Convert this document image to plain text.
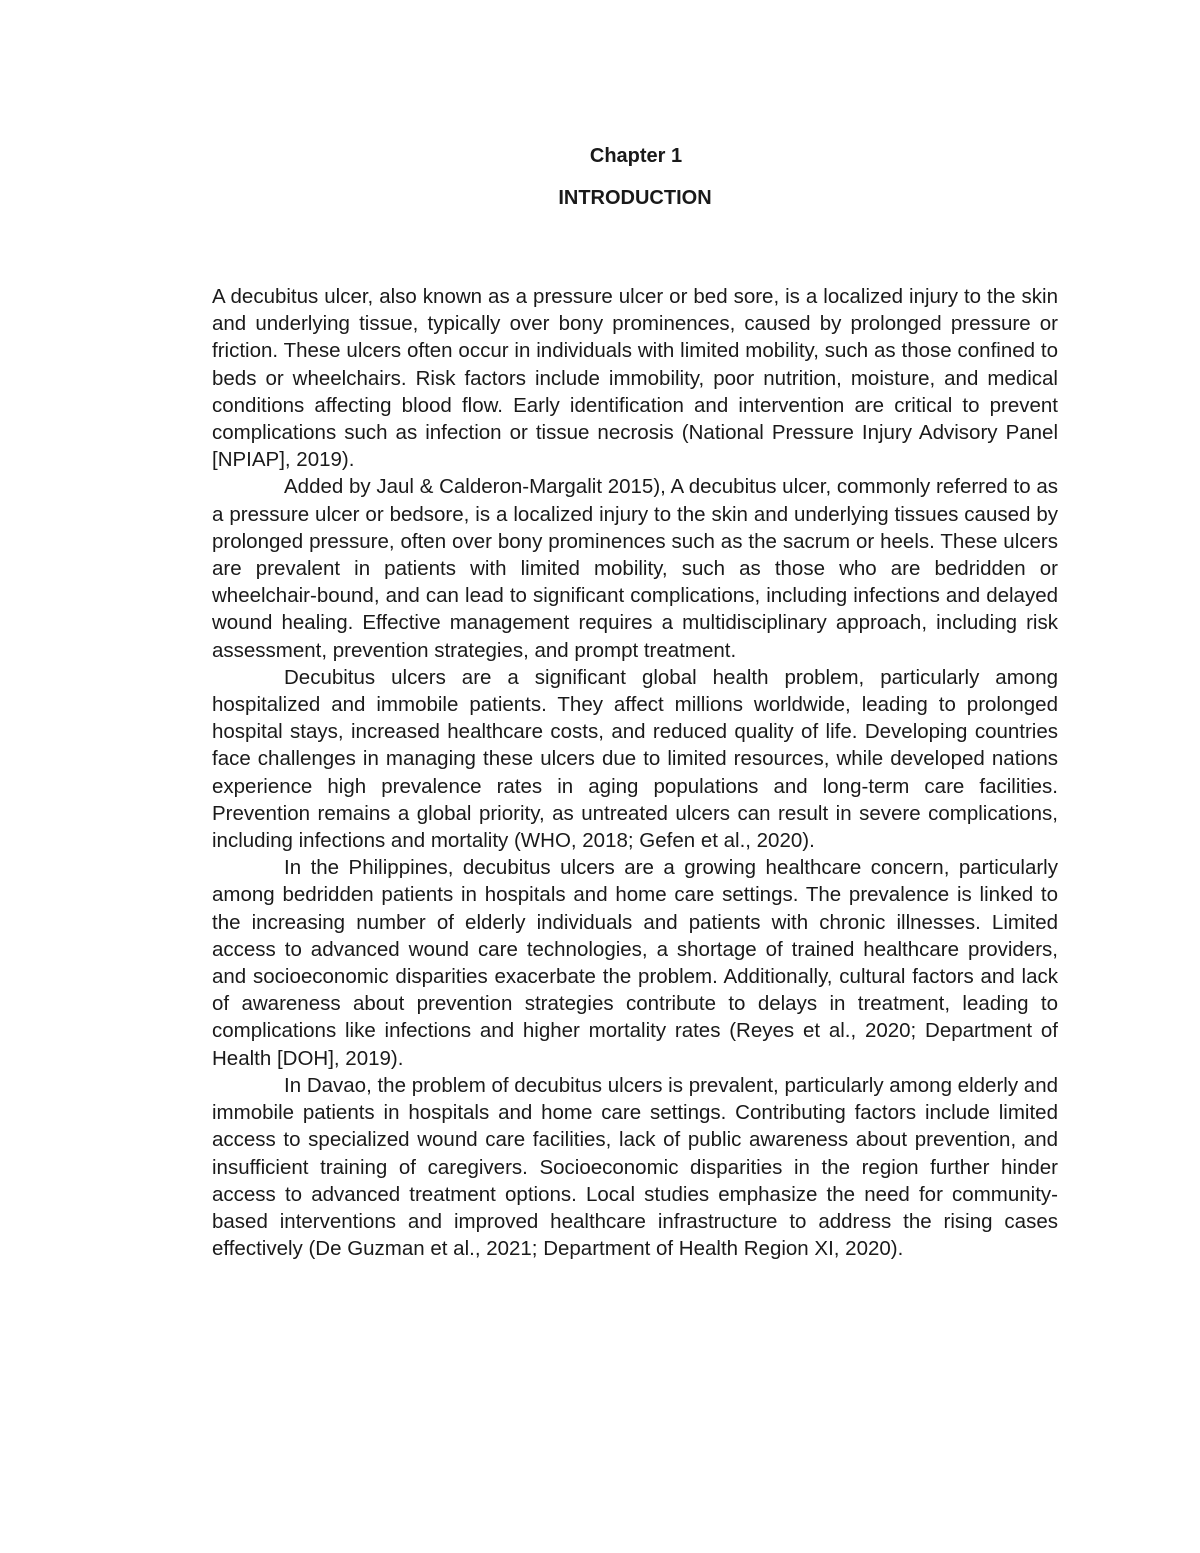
Chapter 1
INTRODUCTION

A decubitus ulcer, also known as a pressure ulcer or bed sore, is a localized injury to the skin and underlying tissue, typically over bony prominences, caused by prolonged pressure or friction. These ulcers often occur in individuals with limited mobility, such as those confined to beds or wheelchairs. Risk factors include immobility, poor nutrition, moisture, and medical conditions affecting blood flow. Early identification and intervention are critical to prevent complications such as infection or tissue necrosis (National Pressure Injury Advisory Panel [NPIAP], 2019).

Added by Jaul & Calderon-Margalit 2015), A decubitus ulcer, commonly referred to as a pressure ulcer or bedsore, is a localized injury to the skin and underlying tissues caused by prolonged pressure, often over bony prominences such as the sacrum or heels. These ulcers are prevalent in patients with limited mobility, such as those who are bedridden or wheelchair-bound, and can lead to significant complications, including infections and delayed wound healing. Effective management requires a multidisciplinary approach, including risk assessment, prevention strategies, and prompt treatment.

Decubitus ulcers are a significant global health problem, particularly among hospitalized and immobile patients. They affect millions worldwide, leading to prolonged hospital stays, increased healthcare costs, and reduced quality of life. Developing countries face challenges in managing these ulcers due to limited resources, while developed nations experience high prevalence rates in aging populations and long-term care facilities. Prevention remains a global priority, as untreated ulcers can result in severe complications, including infections and mortality (WHO, 2018; Gefen et al., 2020).

In the Philippines, decubitus ulcers are a growing healthcare concern, particularly among bedridden patients in hospitals and home care settings. The prevalence is linked to the increasing number of elderly individuals and patients with chronic illnesses. Limited access to advanced wound care technologies, a shortage of trained healthcare providers, and socioeconomic disparities exacerbate the problem. Additionally, cultural factors and lack of awareness about prevention strategies contribute to delays in treatment, leading to complications like infections and higher mortality rates (Reyes et al., 2020; Department of Health [DOH], 2019).

In Davao, the problem of decubitus ulcers is prevalent, particularly among elderly and immobile patients in hospitals and home care settings. Contributing factors include limited access to specialized wound care facilities, lack of public awareness about prevention, and insufficient training of caregivers. Socioeconomic disparities in the region further hinder access to advanced treatment options. Local studies emphasize the need for community-based interventions and improved healthcare infrastructure to address the rising cases effectively (De Guzman et al., 2021; Department of Health Region XI, 2020).
